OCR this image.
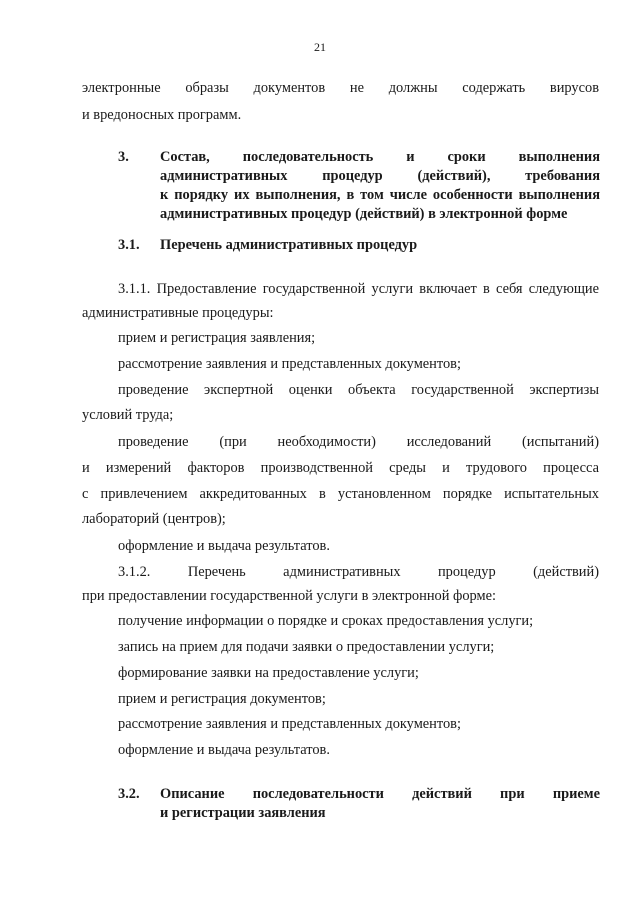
21
электронные образы документов не должны содержать вирусов
и вредоносных программ.
3. Состав, последовательность и сроки выполнения
административных процедур (действий), требования
к порядку их выполнения, в том числе особенности выполнения
административных процедур (действий) в электронной форме
3.1. Перечень административных процедур
3.1.1. Предоставление государственной услуги включает в себя следующие
административные процедуры:
прием и регистрация заявления;
рассмотрение заявления и представленных документов;
проведение экспертной оценки объекта государственной экспертизы
условий труда;
проведение (при необходимости) исследований (испытаний)
и измерений факторов производственной среды и трудового процесса
с привлечением аккредитованных в установленном порядке испытательных
лабораторий (центров);
оформление и выдача результатов.
3.1.2. Перечень административных процедур (действий)
при предоставлении государственной услуги в электронной форме:
получение информации о порядке и сроках предоставления услуги;
запись на прием для подачи заявки о предоставлении услуги;
формирование заявки на предоставление услуги;
прием и регистрация документов;
рассмотрение заявления и представленных документов;
оформление и выдача результатов.
3.2. Описание последовательности действий при приеме
и регистрации заявления
